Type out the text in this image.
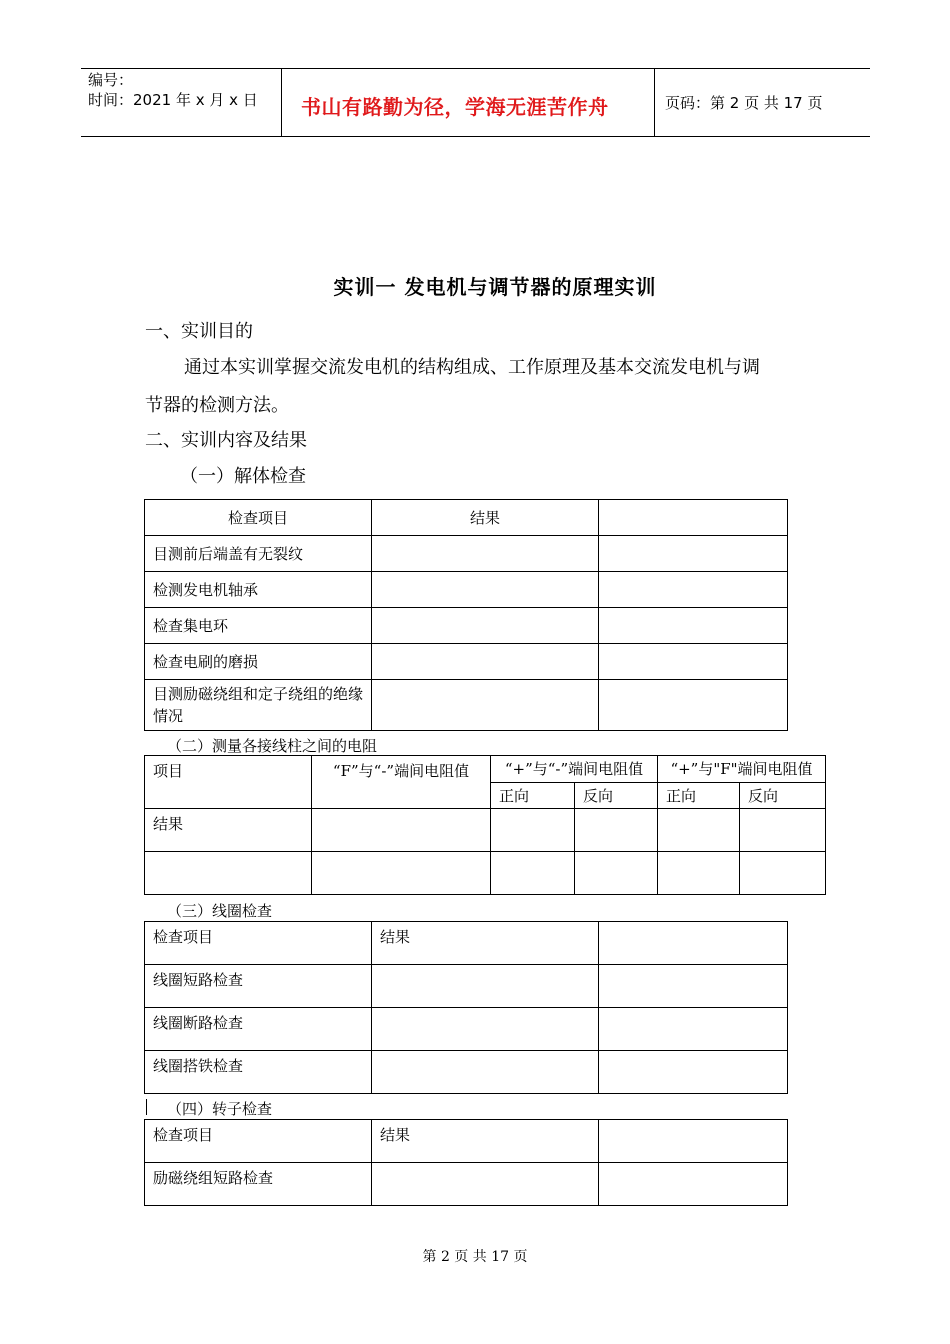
编号：
时间：2021 年 x 月 x 日 书山有路勤为径，学海无涯苦作舟	页码：第 2 页 共 17 页
实训一 发电机与调节器的原理实训
一、实训目的
通过本实训掌握交流发电机的结构组成、工作原理及基本交流发电机与调
节器的检测方法。
二、实训内容及结果
（一）解体检查
检查项目	结果	
目测前后端盖有无裂纹		
检测发电机轴承		
检查集电环		
检查电刷的磨损		
目测励磁绕组和定子绕组的绝缘情况		
（二）测量各接线柱之间的电阻
项目	“F”与“-”端间电阻值	“+”与“-”端间电阻值		“+”与"F"端间电阻值	
		正向	反向	正向	反向
结果					

（三）线圈检查
检查项目	结果	
线圈短路检查		
线圈断路检查		
线圈搭铁检查		
（四）转子检查
检查项目	结果	
励磁绕组短路检查		
第 2 页 共 17 页
